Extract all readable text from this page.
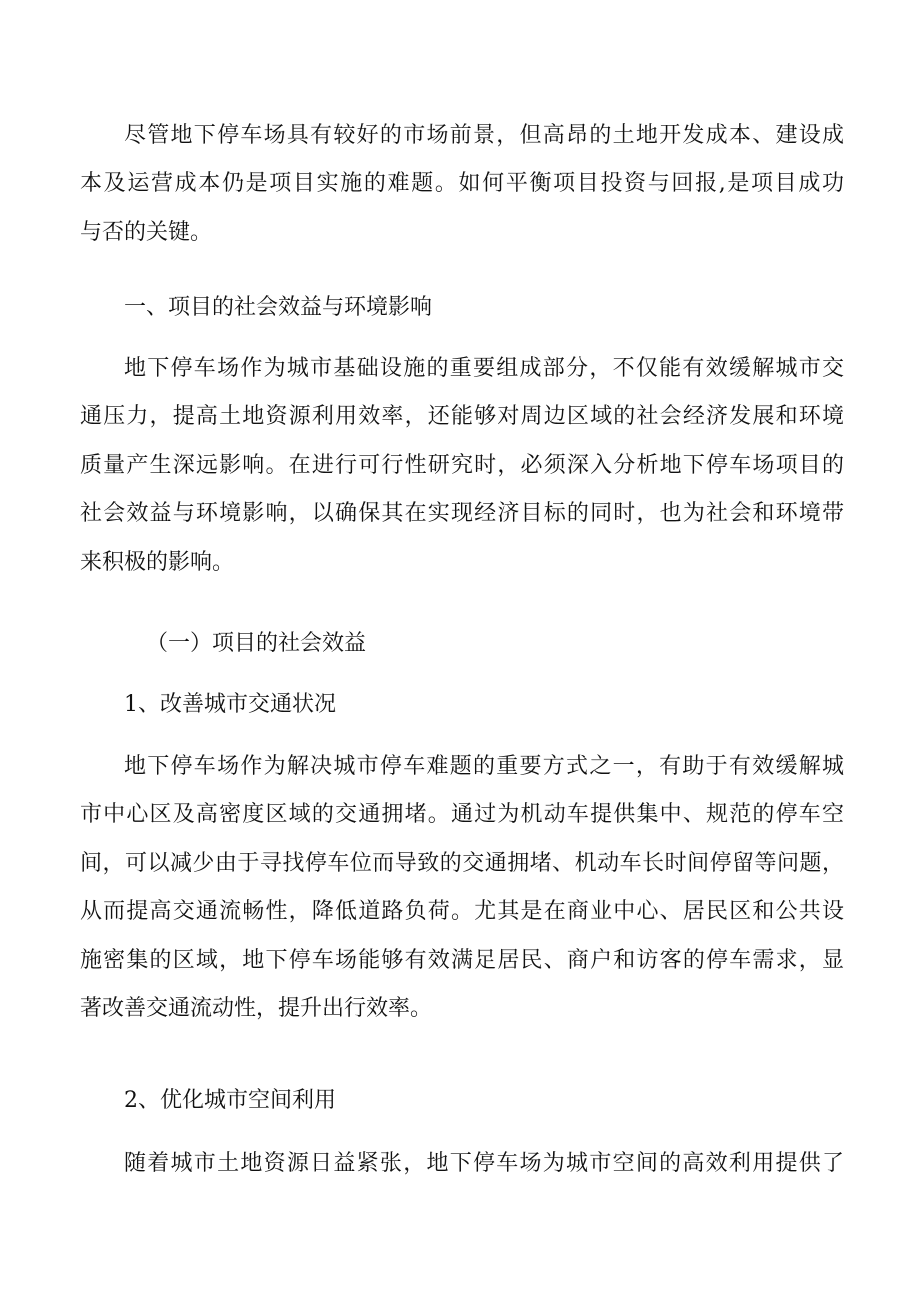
尽管地下停车场具有较好的市场前景，但高昂的土地开发成本、建设成
本及运营成本仍是项目实施的难题。如何平衡项目投资与回报,是项目成功
与否的关键。
一、项目的社会效益与环境影响
地下停车场作为城市基础设施的重要组成部分，不仅能有效缓解城市交
通压力，提高土地资源利用效率，还能够对周边区域的社会经济发展和环境
质量产生深远影响。在进行可行性研究时，必须深入分析地下停车场项目的
社会效益与环境影响，以确保其在实现经济目标的同时，也为社会和环境带
来积极的影响。
（一）项目的社会效益
1、改善城市交通状况
地下停车场作为解决城市停车难题的重要方式之一，有助于有效缓解城
市中心区及高密度区域的交通拥堵。通过为机动车提供集中、规范的停车空
间，可以减少由于寻找停车位而导致的交通拥堵、机动车长时间停留等问题，
从而提高交通流畅性，降低道路负荷。尤其是在商业中心、居民区和公共设
施密集的区域，地下停车场能够有效满足居民、商户和访客的停车需求，显
著改善交通流动性，提升出行效率。
2、优化城市空间利用
随着城市土地资源日益紧张，地下停车场为城市空间的高效利用提供了
